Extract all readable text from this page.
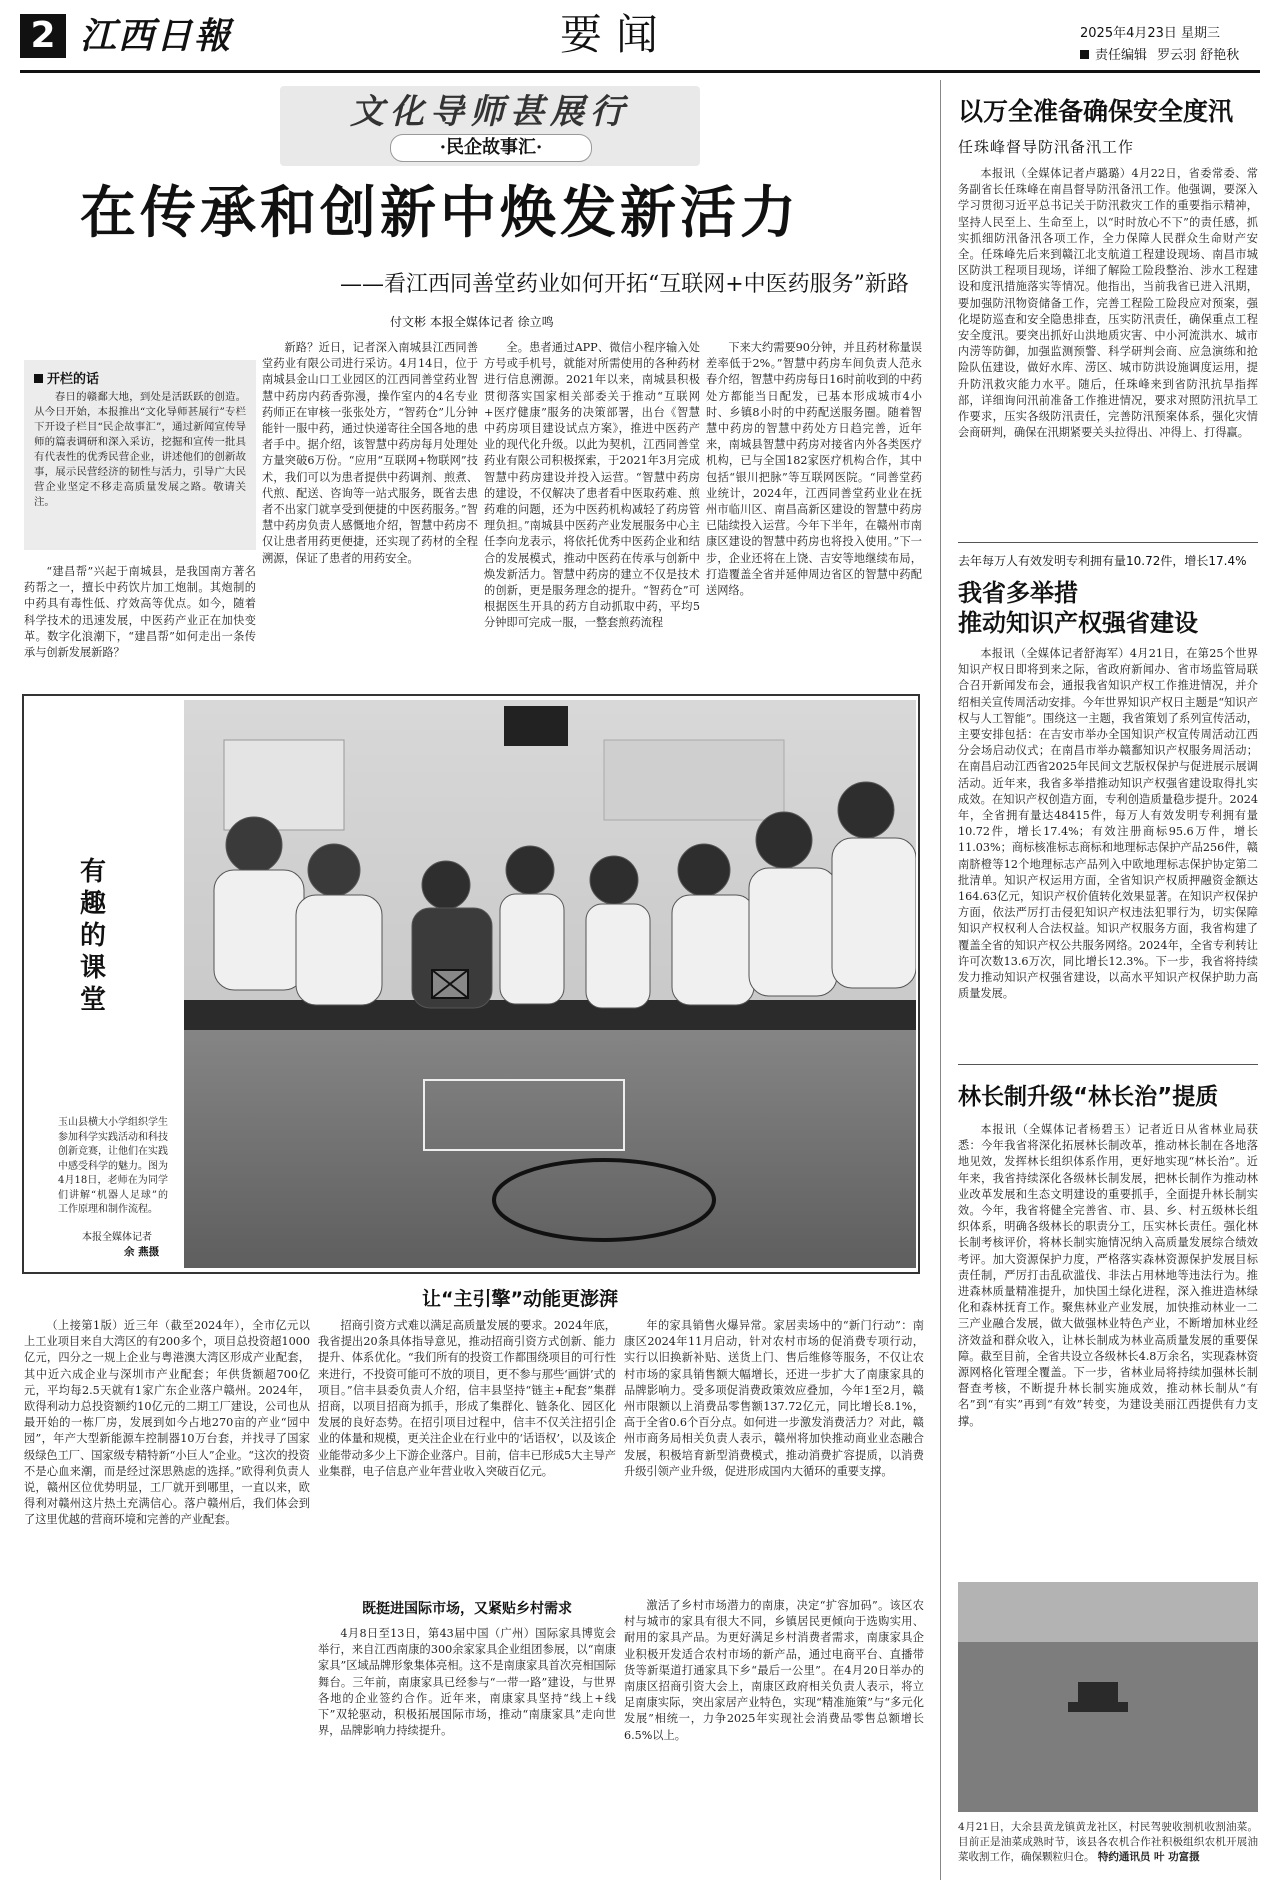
2 江西日報	要闻	2025年4月23日 星期三
责任编辑 罗云羽 舒艳秋
文化导师甚展行
·民企故事汇·
在传承和创新中焕发新活力
——看江西同善堂药业如何开拓“互联网+中医药服务”新路
付文彬 本报全媒体记者 徐立鸣
开栏的话
春日的赣鄱大地，到处是活跃跃的创造。从今日开始，本报推出“文化导师甚展行”专栏下开设子栏目“民企故事汇”，通过新闻宣传导师的篇表调研和深入采访，挖掘和宣传一批具有代表性的优秀民营企业，讲述他们的创新故事，展示民营经济的韧性与活力，引导广大民营企业坚定不移走高质量发展之路。敬请关注。

“建昌帮”兴起于南城县，是我国南方著名药帮之一，擅长中药饮片加工炮制。其炮制的中药具有毒性低、疗效高等优点。如今，随着科学技术的迅速发展，中医药产业正在加快变革。数字化浪潮下，“建昌帮”如何走出一条传承与创新发展新路？

新路？近日，记者深入南城县江西同善堂药业有限公司进行采访。4月14日，位于南城县金山口工业园区的江西同善堂药业智慧中药房内药香弥漫，操作室内的4名专业药师正在审核一张张处方，“智药仓”儿分钟能针一服中药，通过快递寄往全国各地的患者手中。据介绍，该智慧中药房每月处理处方量突破6万份。“应用“互联网+物联网”技术，我们可以为患者提供中药调剂、煎煮、代煎、配送、咨询等一站式服务，既省去患者不出家门就享受到便捷的中医药服务。”智慧中药房负责人感慨地介绍，智慧中药房不仅让患者用药更便捷，还实现了药材的全程溯源，保证了患者的用药安全。

全。患者通过APP、微信小程序输入处方号或手机号，就能对所需使用的各种药材进行信息溯源。2021年以来，南城县积极贯彻落实国家相关部委关于推动“互联网+医疗健康”服务的决策部署，出台《智慧中药房项目建设试点方案》，推进中医药产业的现代化升级。以此为契机，江西同善堂药业有限公司积极探索，于2021年3月完成智慧中药房建设并投入运营。“智慧中药房的建设，不仅解决了患者看中医取药难、煎药难的问题，还为中医药机构减轻了药房管理负担。”南城县中医药产业发展服务中心主任李向龙表示，将依托优秀中医药企业和结合的发展模式，推动中医药在传承与创新中焕发新活力。智慧中药房的建立不仅是技术的创新，更是服务理念的提升。“智药仓”可根据医生开具的药方自动抓取中药，平均5分钟即可完成一服，一整套煎药流程

下来大约需要90分钟，并且药材称量误差率低于2%。”智慧中药房车间负责人范永春介绍，智慧中药房每日16时前收到的中药处方都能当日配发，已基本形成城市4小时、乡镇8小时的中药配送服务圈。随着智慧中药房的智慧中药处方日趋完善，近年来，南城县智慧中药房对接省内外各类医疗机构，已与全国182家医疗机构合作，其中包括“银川把脉”等互联网医院。“同善堂药业统计，2024年，江西同善堂药业业在抚州市临川区、南昌高新区建设的智慧中药房已陆续投入运营。今年下半年，在赣州市南康区建设的智慧中药房也将投入使用。”下一步，企业还将在上饶、吉安等地继续布局，打造覆盖全省并延伸周边省区的智慧中药配送网络。

以万全准备确保安全度汛
任珠峰督导防汛备汛工作

本报讯（全媒体记者卢璐璐）4月22日，省委常委、常务副省长任珠峰在南昌督导防汛备汛工作。他强调，要深入学习贯彻习近平总书记关于防汛救灾工作的重要指示精神，坚持人民至上、生命至上，以“时时放心不下”的责任感，抓实抓细防汛备汛各项工作，全力保障人民群众生命财产安全。任珠峰先后来到赣江北支航道工程建设现场、南昌市城区防洪工程项目现场，详细了解险工险段整治、涉水工程建设和度汛措施落实等情况。他指出，当前我省已进入汛期，要加强防汛物资储备工作，完善工程险工险段应对预案，强化堤防巡查和安全隐患排查，压实防汛责任，确保重点工程安全度汛。要突出抓好山洪地质灾害、中小河流洪水、城市内涝等防御，加强监测预警、科学研判会商、应急演练和抢险队伍建设，做好水库、涝区、城市防洪设施调度运用，提升防汛救灾能力水平。随后，任珠峰来到省防汛抗旱指挥部，详细询问汛前准备工作推进情况，要求对照防汛抗旱工作要求，压实各级防汛责任，完善防汛预案体系，强化灾情会商研判，确保在汛期紧要关头拉得出、冲得上、打得赢。

去年每万人有效发明专利拥有量10.72件，增长17.4%
我省多举措
推动知识产权强省建设

本报讯（全媒体记者舒海军）4月21日，在第25个世界知识产权日即将到来之际，省政府新闻办、省市场监管局联合召开新闻发布会，通报我省知识产权工作推进情况，并介绍相关宣传周活动安排。今年世界知识产权日主题是“知识产权与人工智能”。围绕这一主题，我省策划了系列宣传活动，主要安排包括：在吉安市举办全国知识产权宣传周活动江西分会场启动仪式；在南昌市举办赣鄱知识产权服务周活动；在南昌启动江西省2025年民间文艺版权保护与促进展示展调活动。近年来，我省多举措推动知识产权强省建设取得扎实成效。在知识产权创造方面，专利创造质量稳步提升。2024年，全省拥有量达48415件，每万人有效发明专利拥有量10.72件，增长17.4%；有效注册商标95.6万件，增长11.03%；商标核准标志商标和地理标志保护产品256件，赣南脐橙等12个地理标志产品列入中欧地理标志保护协定第二批清单。知识产权运用方面，全省知识产权质押融资金额达164.63亿元，知识产权价值转化效果显著。在知识产权保护方面，依法严厉打击侵犯知识产权违法犯罪行为，切实保障知识产权权利人合法权益。知识产权服务方面，我省构建了覆盖全省的知识产权公共服务网络。2024年，全省专利转让许可次数13.6万次，同比增长12.3%。下一步，我省将持续发力推动知识产权强省建设，以高水平知识产权保护助力高质量发展。

林长制升级“林长治”提质

本报讯（全媒体记者杨碧玉）记者近日从省林业局获悉：今年我省将深化拓展林长制改革，推动林长制在各地落地见效，发挥林长组织体系作用，更好地实现“林长治”。近年来，我省持续深化各级林长制发展，把林长制作为推动林业改革发展和生态文明建设的重要抓手，全面提升林长制实效。今年，我省将健全完善省、市、县、乡、村五级林长组织体系，明确各级林长的职责分工，压实林长责任。强化林长制考核评价，将林长制实施情况纳入高质量发展综合绩效考评。加大资源保护力度，严格落实森林资源保护发展目标责任制，严厉打击乱砍滥伐、非法占用林地等违法行为。推进森林质量精准提升，加快国土绿化进程，深入推进造林绿化和森林抚育工作。聚焦林业产业发展，加快推动林业一二三产业融合发展，做大做强林业特色产业，不断增加林业经济效益和群众收入，让林长制成为林业高质量发展的重要保障。截至目前，全省共设立各级林长4.8万余名，实现森林资源网格化管理全覆盖。下一步，省林业局将持续加强林长制督查考核，不断提升林长制实施成效，推动林长制从“有名”到“有实”再到“有效”转变，为建设美丽江西提供有力支撑。

有趣的课堂
玉山县横大小学组织学生参加科学实践活动和科技创新竞赛，让他们在实践中感受科学的魅力。图为4月18日，老师在为同学们讲解“机器人足球”的工作原理和制作流程。
本报全媒体记者
余 燕摄
让“主引擎”动能更澎湃

（上接第1版）近三年（截至2024年），全市亿元以上工业项目来自大湾区的有200多个，项目总投资超1000亿元，四分之一规上企业与粤港澳大湾区形成产业配套，其中近六成企业与深圳市产业配套；年供货额超700亿元，平均每2.5天就有1家广东企业落户赣州。2024年，欧得利动力总投资额约10亿元的二期工厂建设，公司也从最开始的一栋厂房，发展到如今占地270亩的产业“园中园”，年产大型新能源车控制器10万台套，并找寻了国家级绿色工厂、国家级专精特新“小巨人”企业。“这次的投资不是心血来潮，而是经过深思熟虑的选择。”欧得利负责人说，赣州区位优势明显，工厂就开到哪里，一直以来，欧得利对赣州这片热土充满信心。落户赣州后，我们体会到了这里优越的营商环境和完善的产业配套。

招商引资方式难以满足高质量发展的要求。2024年底，我省提出20条具体指导意见，推动招商引资方式创新、能力提升、体系优化。“我们所有的投资工作都围绕项目的可行性来进行，不投资可能可不放的项目，更不参与那些‘画饼’式的项目。”信丰县委负责人介绍，信丰县坚持“链主+配套”集群招商，以项目招商为抓手，形成了集群化、链条化、园区化发展的良好态势。在招引项目过程中，信丰不仅关注招引企业的体量和规模，更关注企业在行业中的‘话语权’，以及该企业能带动多少上下游企业落户。目前，信丰已形成5大主导产业集群，电子信息产业年营业收入突破百亿元。

既挺进国际市场，又紧贴乡村需求

4月8日至13日，第43届中国（广州）国际家具博览会举行，来自江西南康的300余家家具企业组团参展，以“南康家具”区域品牌形象集体亮相。这不是南康家具首次亮相国际舞台。三年前，南康家具已经参与“一带一路”建设，与世界各地的企业签约合作。近年来，南康家具坚持“线上+线下”双轮驱动，积极拓展国际市场，推动“南康家具”走向世界，品牌影响力持续提升。

年的家具销售火爆异常。家居卖场中的“新门行动”：南康区2024年11月启动，针对农村市场的促消费专项行动，实行以旧换新补贴、送货上门、售后维修等服务，不仅让农村市场的家具销售额大幅增长，还进一步扩大了南康家具的品牌影响力。受多项促消费政策效应叠加，今年1至2月，赣州市限额以上消费品零售额137.72亿元，同比增长8.1%，高于全省0.6个百分点。如何进一步激发消费活力？对此，赣州市商务局相关负责人表示，赣州将加快推动商业业态融合发展，积极培育新型消费模式，推动消费扩容提质，以消费升级引领产业升级，促进形成国内大循环的重要支撑。

激活了乡村市场潜力的南康，决定“扩容加码”。该区农村与城市的家具有很大不同，乡镇居民更倾向于选购实用、耐用的家具产品。为更好满足乡村消费者需求，南康家具企业积极开发适合农村市场的新产品，通过电商平台、直播带货等新渠道打通家具下乡“最后一公里”。在4月20日举办的南康区招商引资大会上，南康区政府相关负责人表示，将立足南康实际，突出家居产业特色，实现“精准施策”与“多元化发展”相统一，力争2025年实现社会消费品零售总额增长6.5%以上。

4月21日，大余县黄龙镇黄龙社区，村民驾驶收割机收割油菜。目前正是油菜成熟时节，该县各农机合作社积极组织农机开展油菜收割工作，确保颗粒归仓。 特约通讯员 叶 功富摄
